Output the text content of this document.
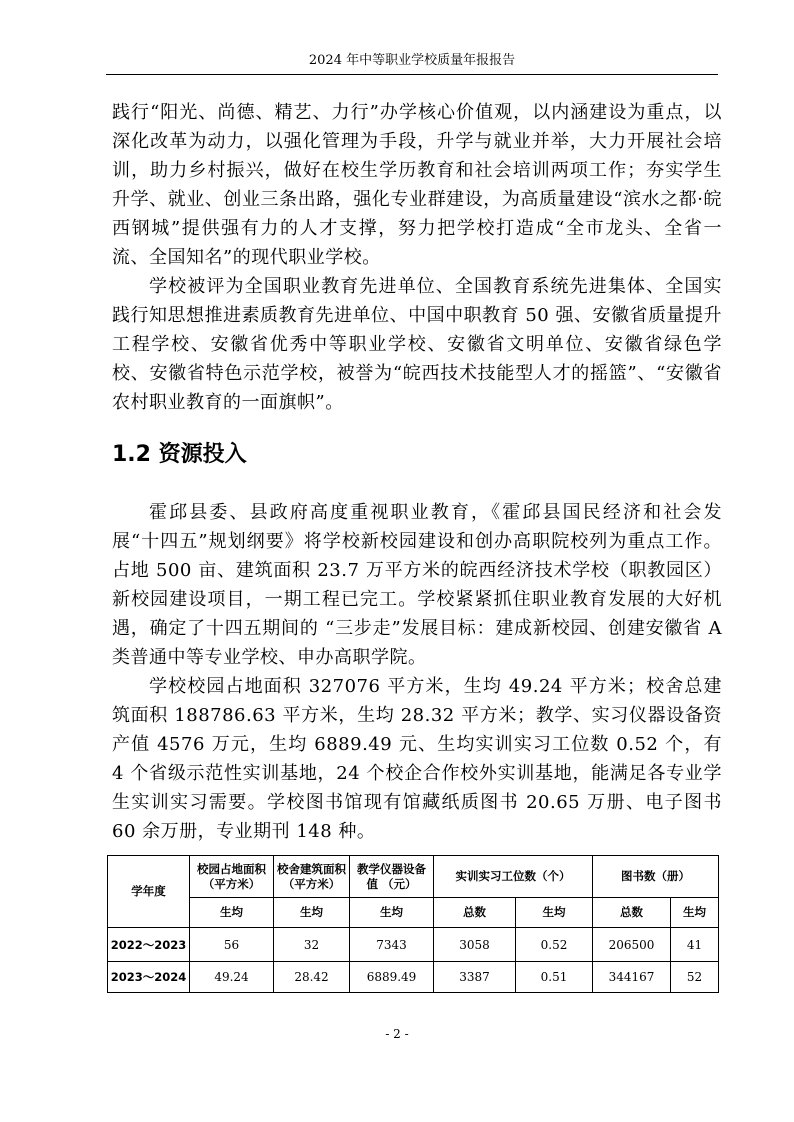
2024 年中等职业学校质量年报报告

践行“阳光、尚德、精艺、力行”办学核心价值观，以内涵建设为重点，以深化改革为动力，以强化管理为手段，升学与就业并举，大力开展社会培训，助力乡村振兴，做好在校生学历教育和社会培训两项工作；夯实学生升学、就业、创业三条出路，强化专业群建设，为高质量建设“滨水之都·皖西钢城”提供强有力的人才支撑，努力把学校打造成“全市龙头、全省一流、全国知名”的现代职业学校。

学校被评为全国职业教育先进单位、全国教育系统先进集体、全国实践行知思想推进素质教育先进单位、中国中职教育 50 强、安徽省质量提升工程学校、安徽省优秀中等职业学校、安徽省文明单位、安徽省绿色学校、安徽省特色示范学校，被誉为“皖西技术技能型人才的摇篮”、“安徽省农村职业教育的一面旗帜”。

1.2 资源投入

霍邱县委、县政府高度重视职业教育，《霍邱县国民经济和社会发展“十四五”规划纲要》将学校新校园建设和创办高职院校列为重点工作。占地 500 亩、建筑面积 23.7 万平方米的皖西经济技术学校（职教园区）新校园建设项目，一期工程已完工。学校紧紧抓住职业教育发展的大好机遇，确定了十四五期间的 “三步走”发展目标：建成新校园、创建安徽省 A 类普通中等专业学校、申办高职学院。

学校校园占地面积 327076 平方米，生均 49.24 平方米；校舍总建筑面积 188786.63 平方米，生均 28.32 平方米；教学、实习仪器设备资产值 4576 万元，生均 6889.49 元、生均实训实习工位数 0.52 个，有 4 个省级示范性实训基地，24 个校企合作校外实训基地，能满足各专业学生实训实习需要。学校图书馆现有馆藏纸质图书 20.65 万册、电子图书 60 余万册，专业期刊 148 种。

学年度	校园占地面积（平方米）	校舍建筑面积（平方米）	教学仪器设备值 （元）	实训实习工位数（个）		图书数（册）	
	生均	生均	生均	总数	生均	总数	生均
2022～2023	56	32	7343	3058	0.52	206500	41
2023～2024	49.24	28.42	6889.49	3387	0.51	344167	52
- 2 -
